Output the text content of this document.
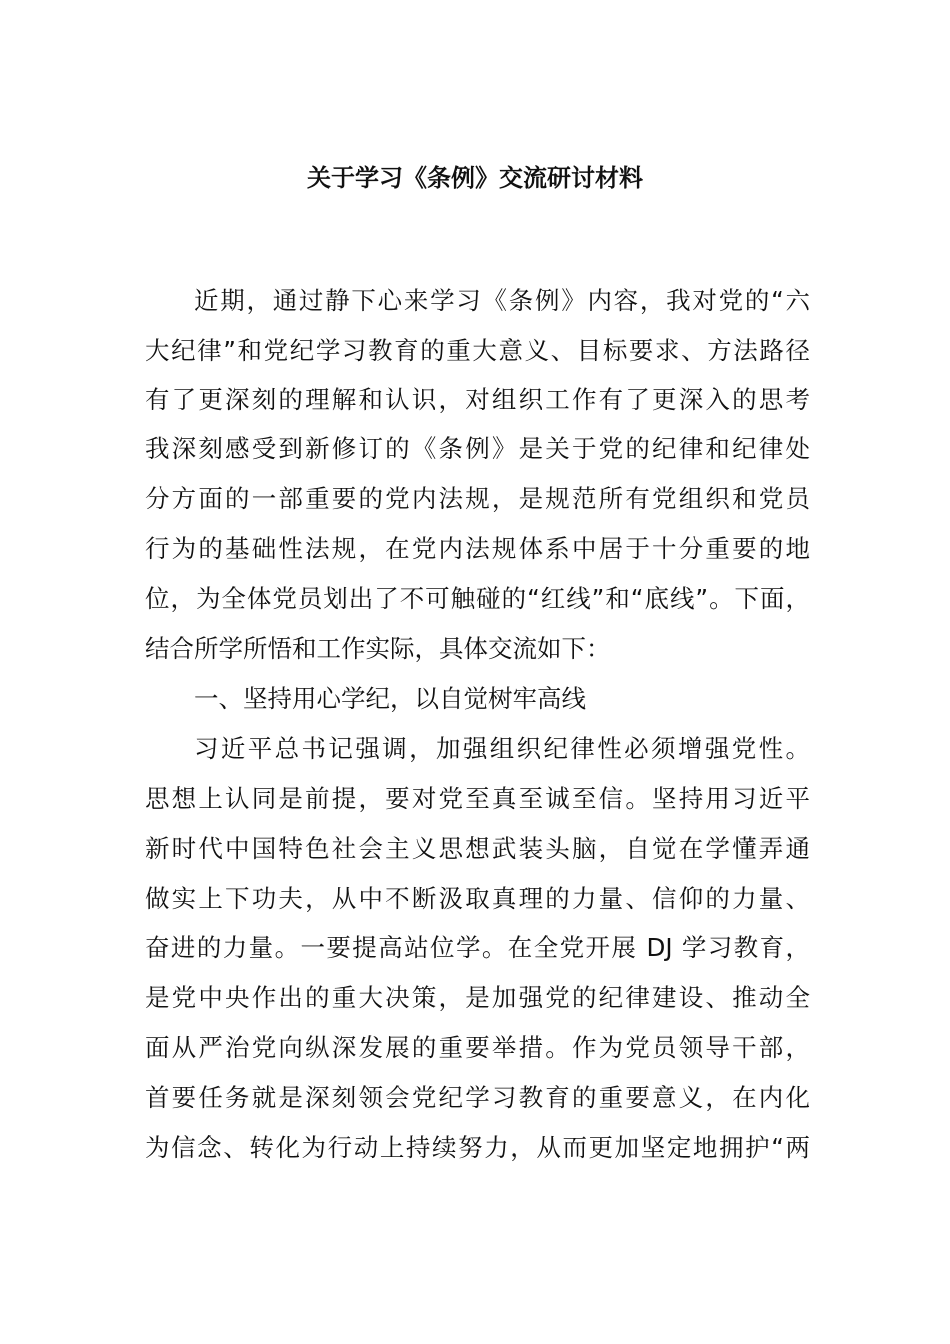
关于学习《条例》交流研讨材料
近期，通过静下心来学习《条例》内容，我对党的“六
大纪律”和党纪学习教育的重大意义、目标要求、方法路径
有了更深刻的理解和认识，对组织工作有了更深入的思考
我深刻感受到新修订的《条例》是关于党的纪律和纪律处
分方面的一部重要的党内法规，是规范所有党组织和党员
行为的基础性法规，在党内法规体系中居于十分重要的地
位，为全体党员划出了不可触碰的“红线”和“底线”。下面，
结合所学所悟和工作实际，具体交流如下：
一、坚持用心学纪，以自觉树牢高线
习近平总书记强调，加强组织纪律性必须增强党性。
思想上认同是前提，要对党至真至诚至信。坚持用习近平
新时代中国特色社会主义思想武装头脑，自觉在学懂弄通
做实上下功夫，从中不断汲取真理的力量、信仰的力量、
奋进的力量。一要提高站位学。在全党开展 DJ 学习教育，
是党中央作出的重大决策，是加强党的纪律建设、推动全
面从严治党向纵深发展的重要举措。作为党员领导干部，
首要任务就是深刻领会党纪学习教育的重要意义，在内化
为信念、转化为行动上持续努力，从而更加坚定地拥护“两
